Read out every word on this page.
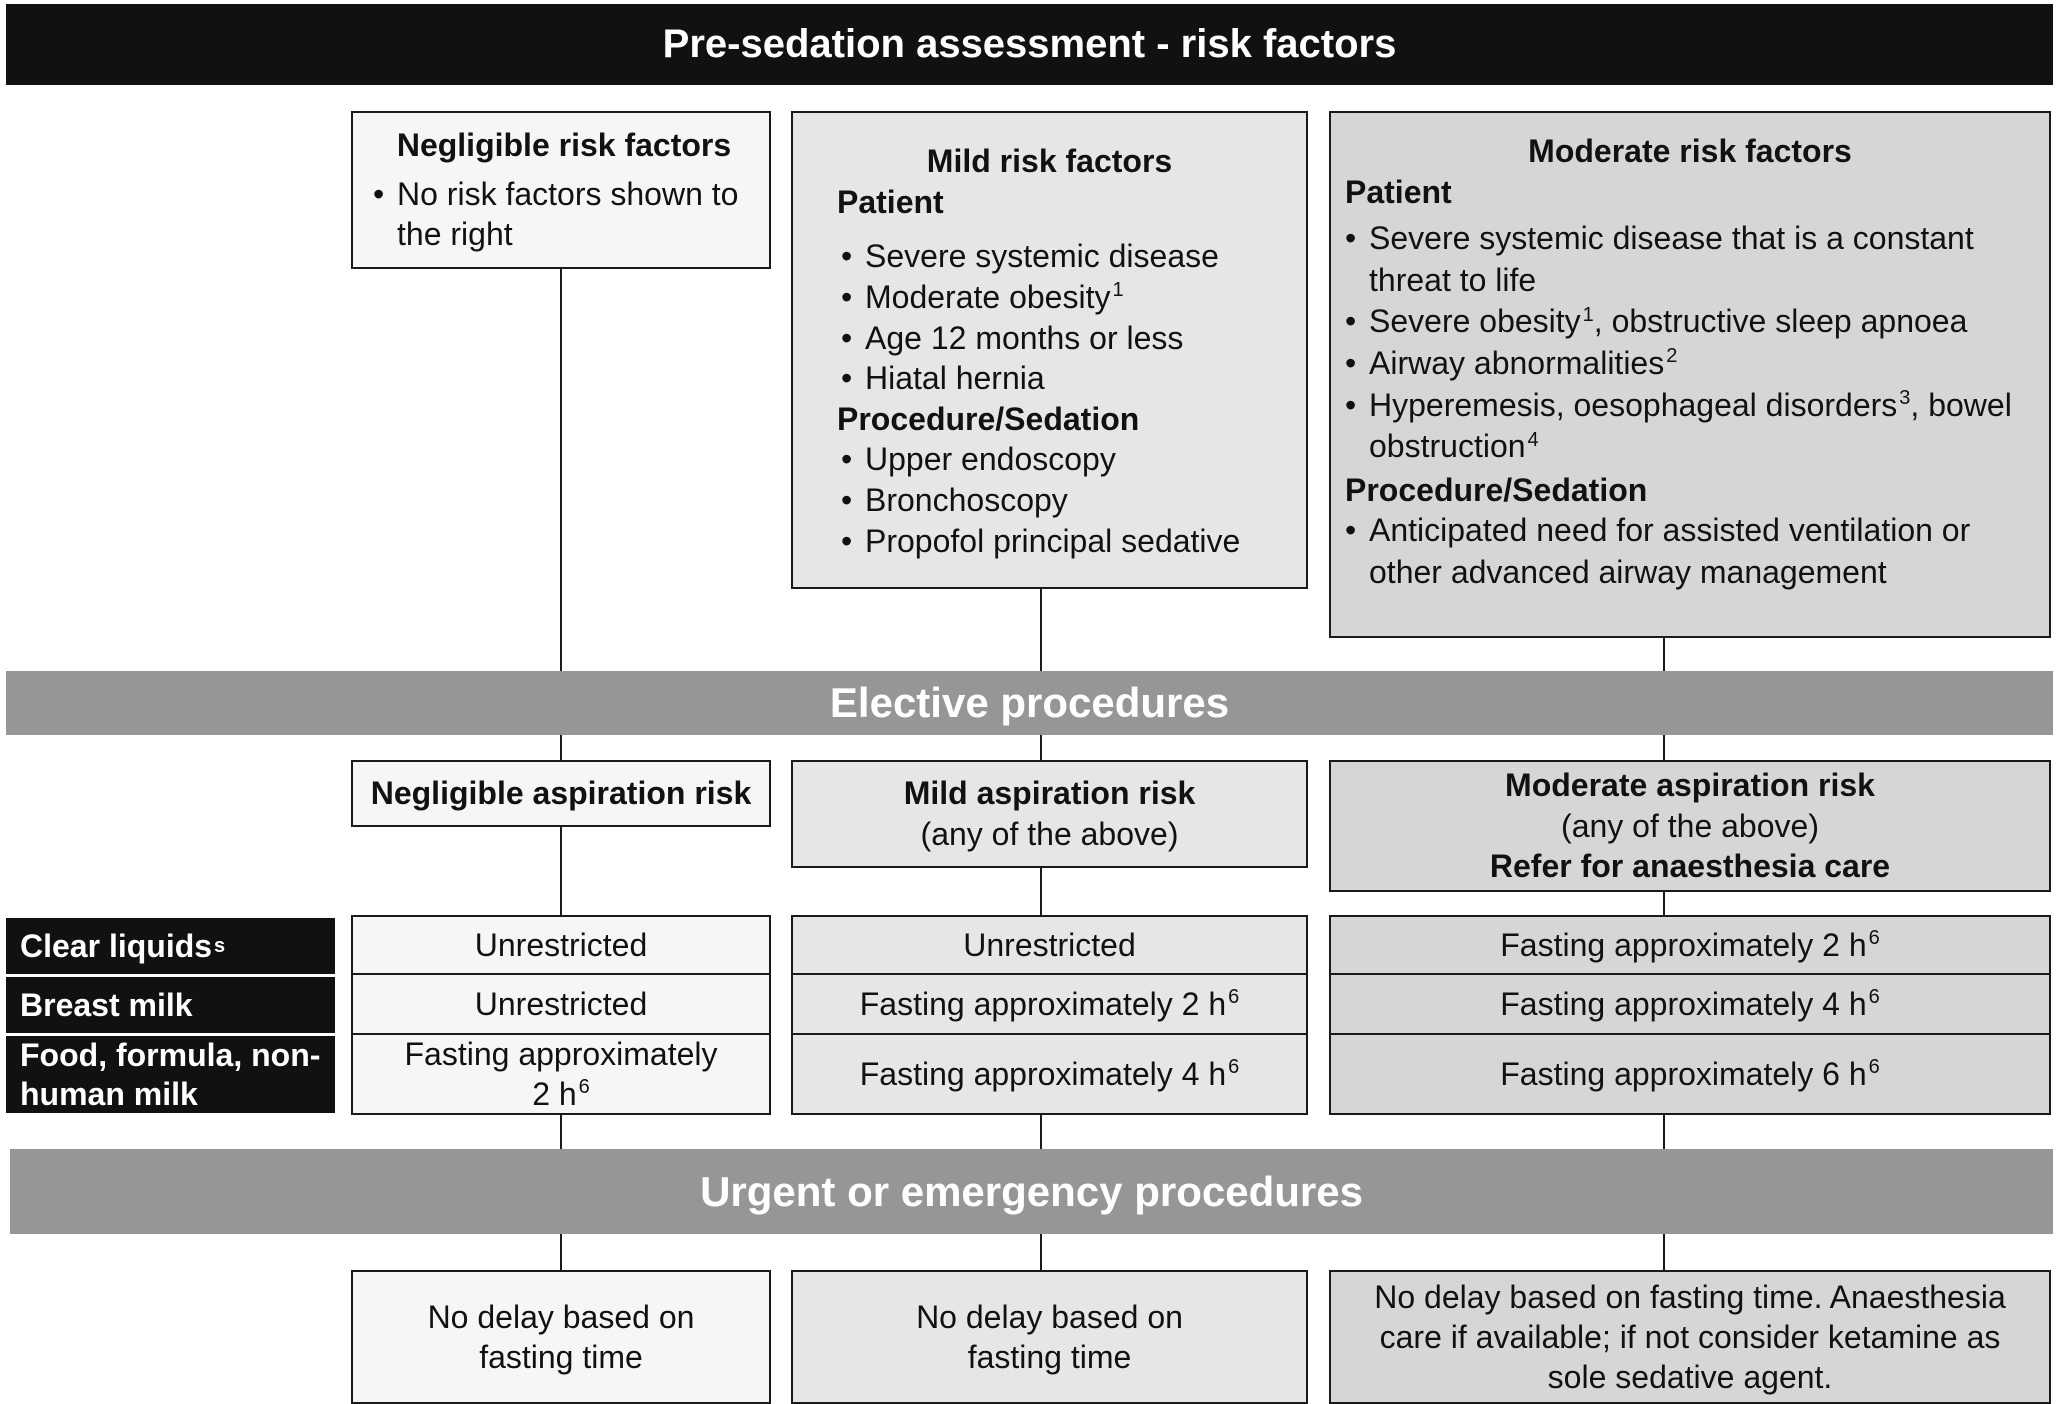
Pre-sedation assessment - risk factors
Negligible risk factors
• No risk factors shown to the right
Mild risk factors
Patient
• Severe systemic disease
• Moderate obesity $^1$
• Age 12 months or less
• Hiatal hernia
Procedure/Sedation
• Upper endoscopy
• Bronchoscopy
• Propofol principal sedative
Moderate risk factors
Patient
• Severe systemic disease that is a constant threat to life
• Severe obesity $^1$, obstructive sleep apnoea
• Airway abnormalities $^2$
• Hyperemesis, oesophageal disorders $^3$, bowel obstruction $^4$
Procedure/Sedation
• Anticipated need for assisted ventilation or other advanced airway management
Elective procedures
Negligible aspiration risk	Mild aspiration risk
(any of the above)
Moderate aspiration risk
(any of the above)
Refer for anaesthesia care
Clear liquids s
Breast milk
Food, formula, non-human milk
Unrestricted
Unrestricted
Fasting approximately 2 h $^6$
Unrestricted
Fasting approximately 2 h $^6$
Fasting approximately 4 h $^6$
Fasting approximately 2 h $^6$
Fasting approximately 4 h $^6$
Fasting approximately 6 h $^6$
Urgent or emergency procedures
No delay based on fasting time
No delay based on fasting time
No delay based on fasting time. Anaesthesia care if available; if not consider ketamine as sole sedative agent.
